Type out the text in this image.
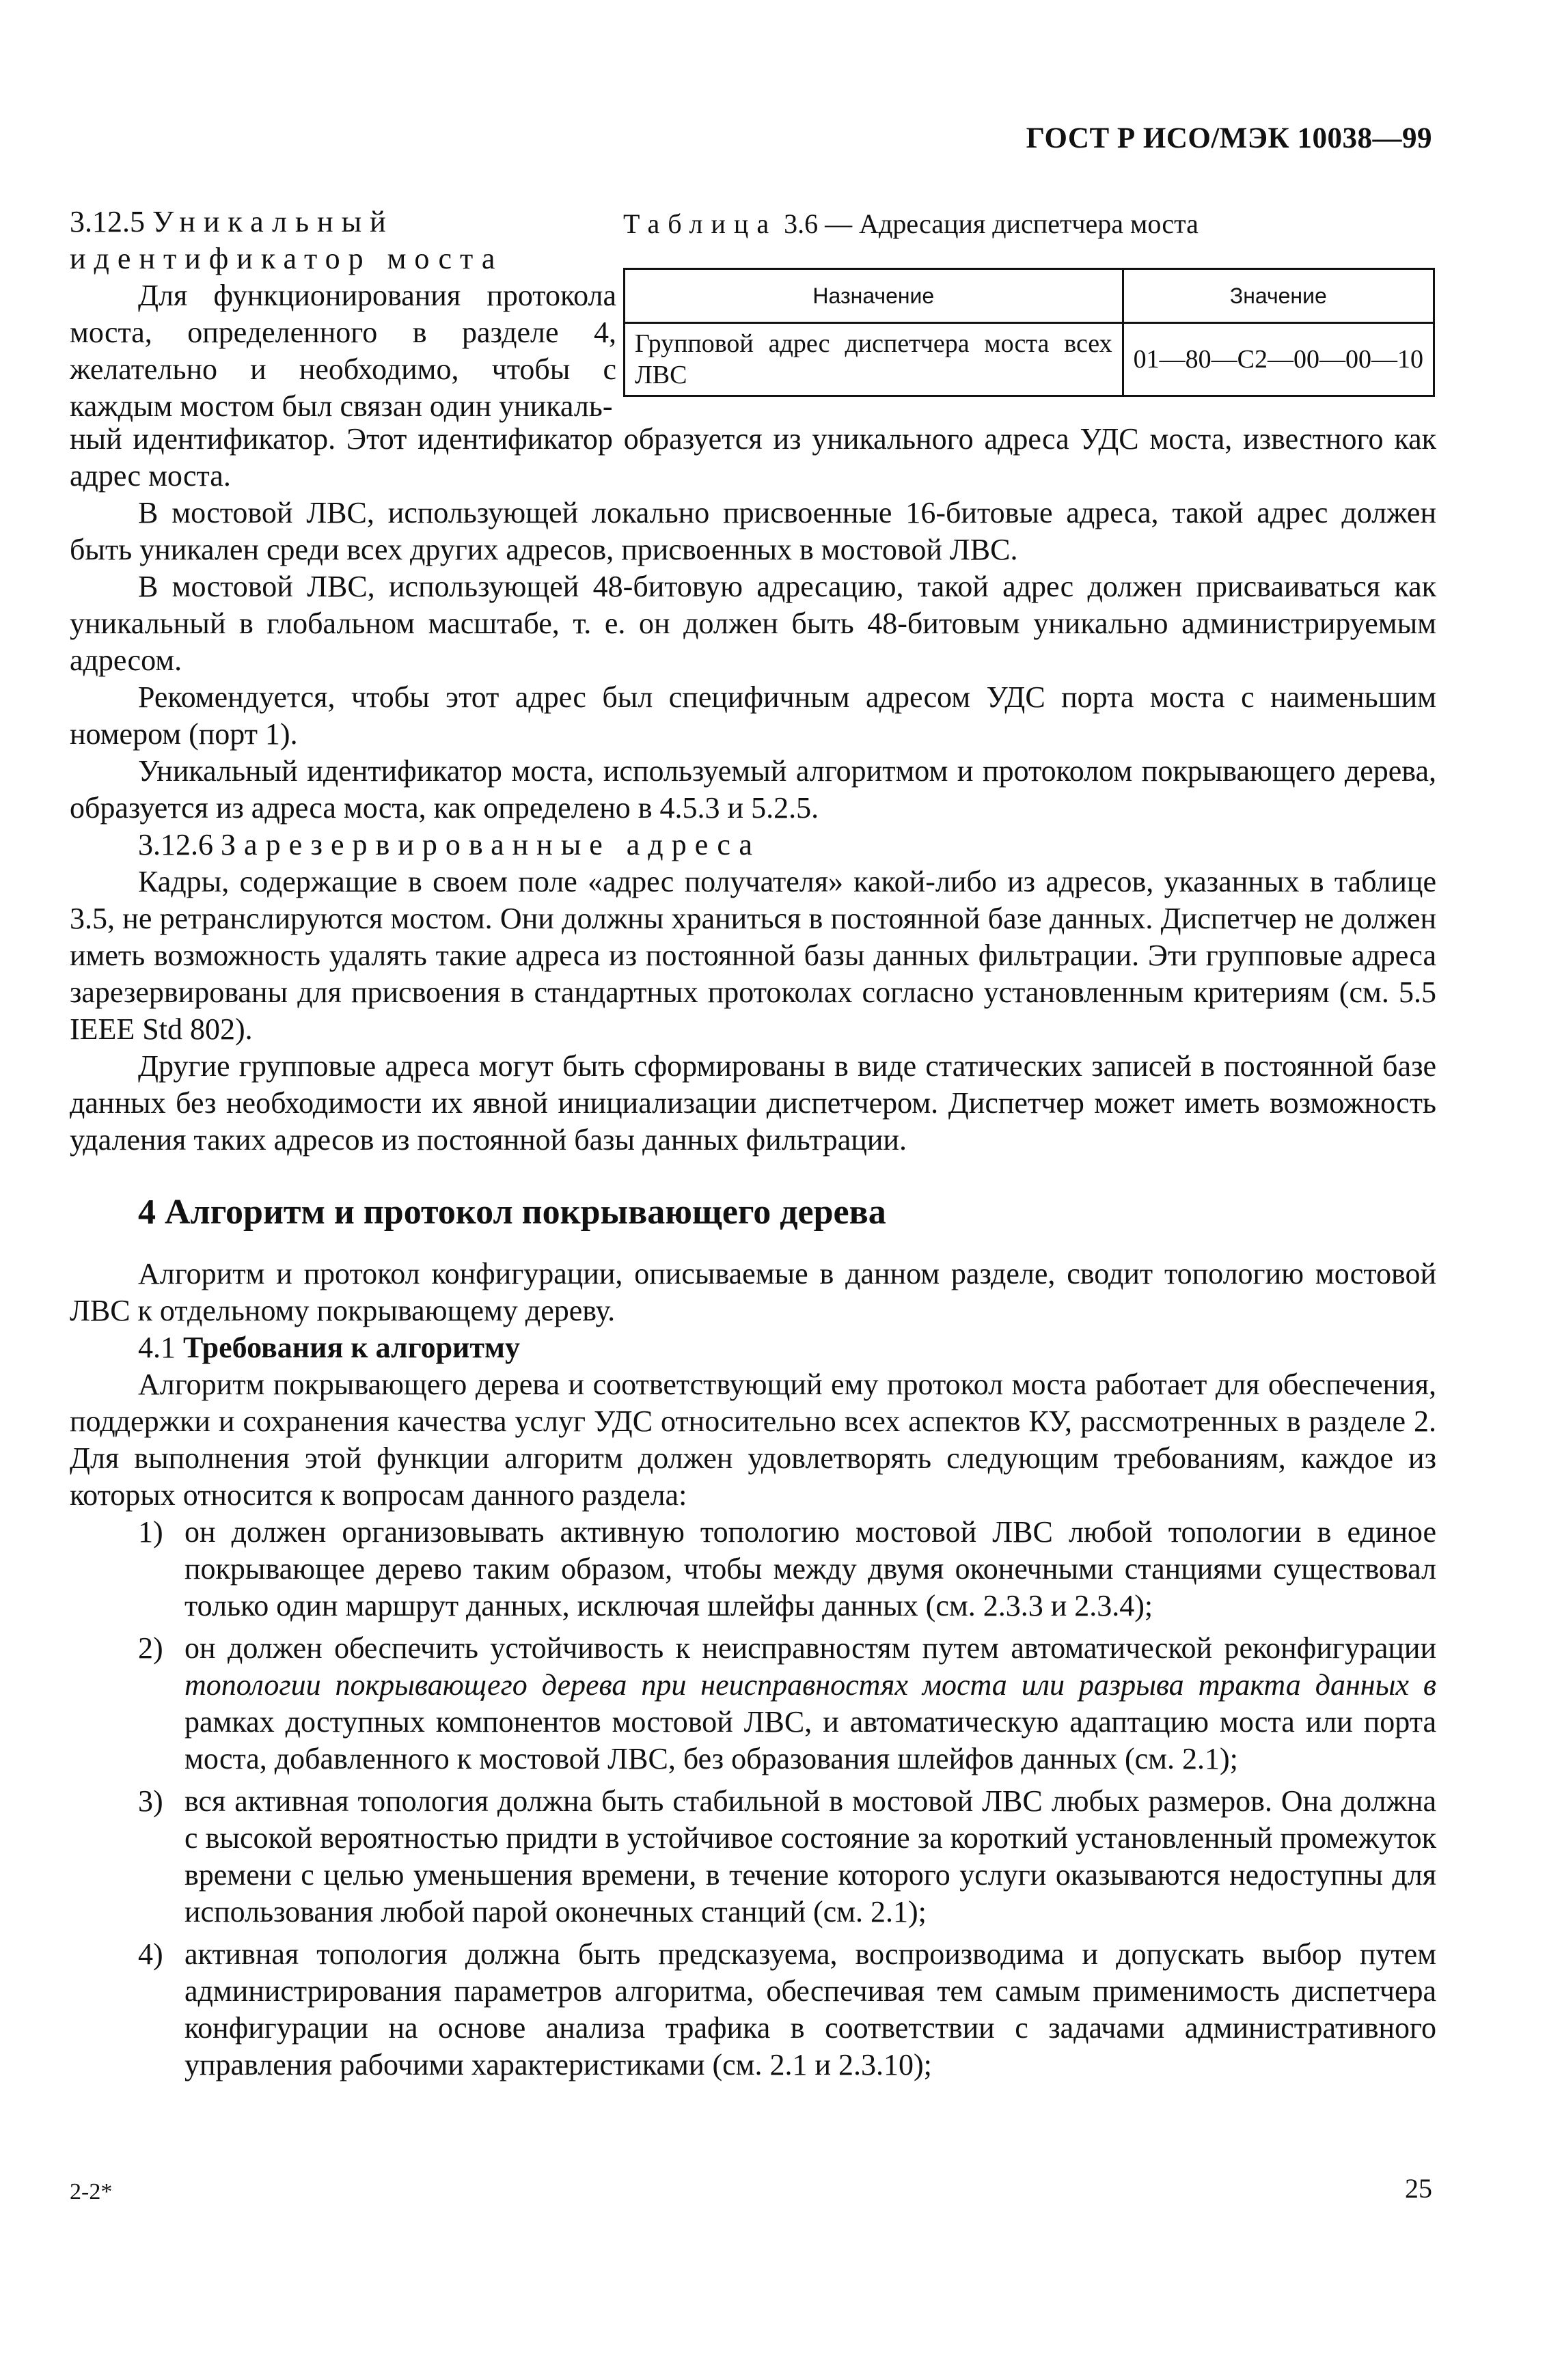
ГОСТ Р ИСО/МЭК 10038—99

3.12.5 Уникальный идентификатор моста

Для функционирования протокола моста, определенного в разделе 4, желательно и необходимо, чтобы с каждым мостом был связан один уникаль-

Таблица 3.6 — Адресация диспетчера моста
Назначение	Значение
Групповой адрес диспетчера моста всех ЛВС	01—80—С2—00—00—10

ный идентификатор. Этот идентификатор образуется из уникального адреса УДС моста, известного как адрес моста.

В мостовой ЛВС, использующей локально присвоенные 16-битовые адреса, такой адрес должен быть уникален среди всех других адресов, присвоенных в мостовой ЛВС.

В мостовой ЛВС, использующей 48-битовую адресацию, такой адрес должен присваиваться как уникальный в глобальном масштабе, т. е. он должен быть 48-битовым уникально администрируемым адресом.

Рекомендуется, чтобы этот адрес был специфичным адресом УДС порта моста с наименьшим номером (порт 1).

Уникальный идентификатор моста, используемый алгоритмом и протоколом покрывающего дерева, образуется из адреса моста, как определено в 4.5.3 и 5.2.5.

3.12.6 Зарезервированные адреса

Кадры, содержащие в своем поле «адрес получателя» какой-либо из адресов, указанных в таблице 3.5, не ретранслируются мостом. Они должны храниться в постоянной базе данных. Диспетчер не должен иметь возможность удалять такие адреса из постоянной базы данных фильтрации. Эти групповые адреса зарезервированы для присвоения в стандартных протоколах согласно установленным критериям (см. 5.5 IEEE Std 802).

Другие групповые адреса могут быть сформированы в виде статических записей в постоянной базе данных без необходимости их явной инициализации диспетчером. Диспетчер может иметь возможность удаления таких адресов из постоянной базы данных фильтрации.

4 Алгоритм и протокол покрывающего дерева

Алгоритм и протокол конфигурации, описываемые в данном разделе, сводит топологию мостовой ЛВС к отдельному покрывающему дереву.

4.1 Требования к алгоритму

Алгоритм покрывающего дерева и соответствующий ему протокол моста работает для обеспечения, поддержки и сохранения качества услуг УДС относительно всех аспектов КУ, рассмотренных в разделе 2. Для выполнения этой функции алгоритм должен удовлетворять следующим требованиям, каждое из которых относится к вопросам данного раздела:

1) он должен организовывать активную топологию мостовой ЛВС любой топологии в единое покрывающее дерево таким образом, чтобы между двумя оконечными станциями существовал только один маршрут данных, исключая шлейфы данных (см. 2.3.3 и 2.3.4);
2) он должен обеспечить устойчивость к неисправностям путем автоматической реконфигурации топологии покрывающего дерева при неисправностях моста или разрыва тракта данных в рамках доступных компонентов мостовой ЛВС, и автоматическую адаптацию моста или порта моста, добавленного к мостовой ЛВС, без образования шлейфов данных (см. 2.1);
3) вся активная топология должна быть стабильной в мостовой ЛВС любых размеров. Она должна с высокой вероятностью придти в устойчивое состояние за короткий установленный промежуток времени с целью уменьшения времени, в течение которого услуги оказываются недоступны для использования любой парой оконечных станций (см. 2.1);
4) активная топология должна быть предсказуема, воспроизводима и допускать выбор путем администрирования параметров алгоритма, обеспечивая тем самым применимость диспетчера конфигурации на основе анализа трафика в соответствии с задачами административного управления рабочими характеристиками (см. 2.1 и 2.3.10);
2-2*	25
